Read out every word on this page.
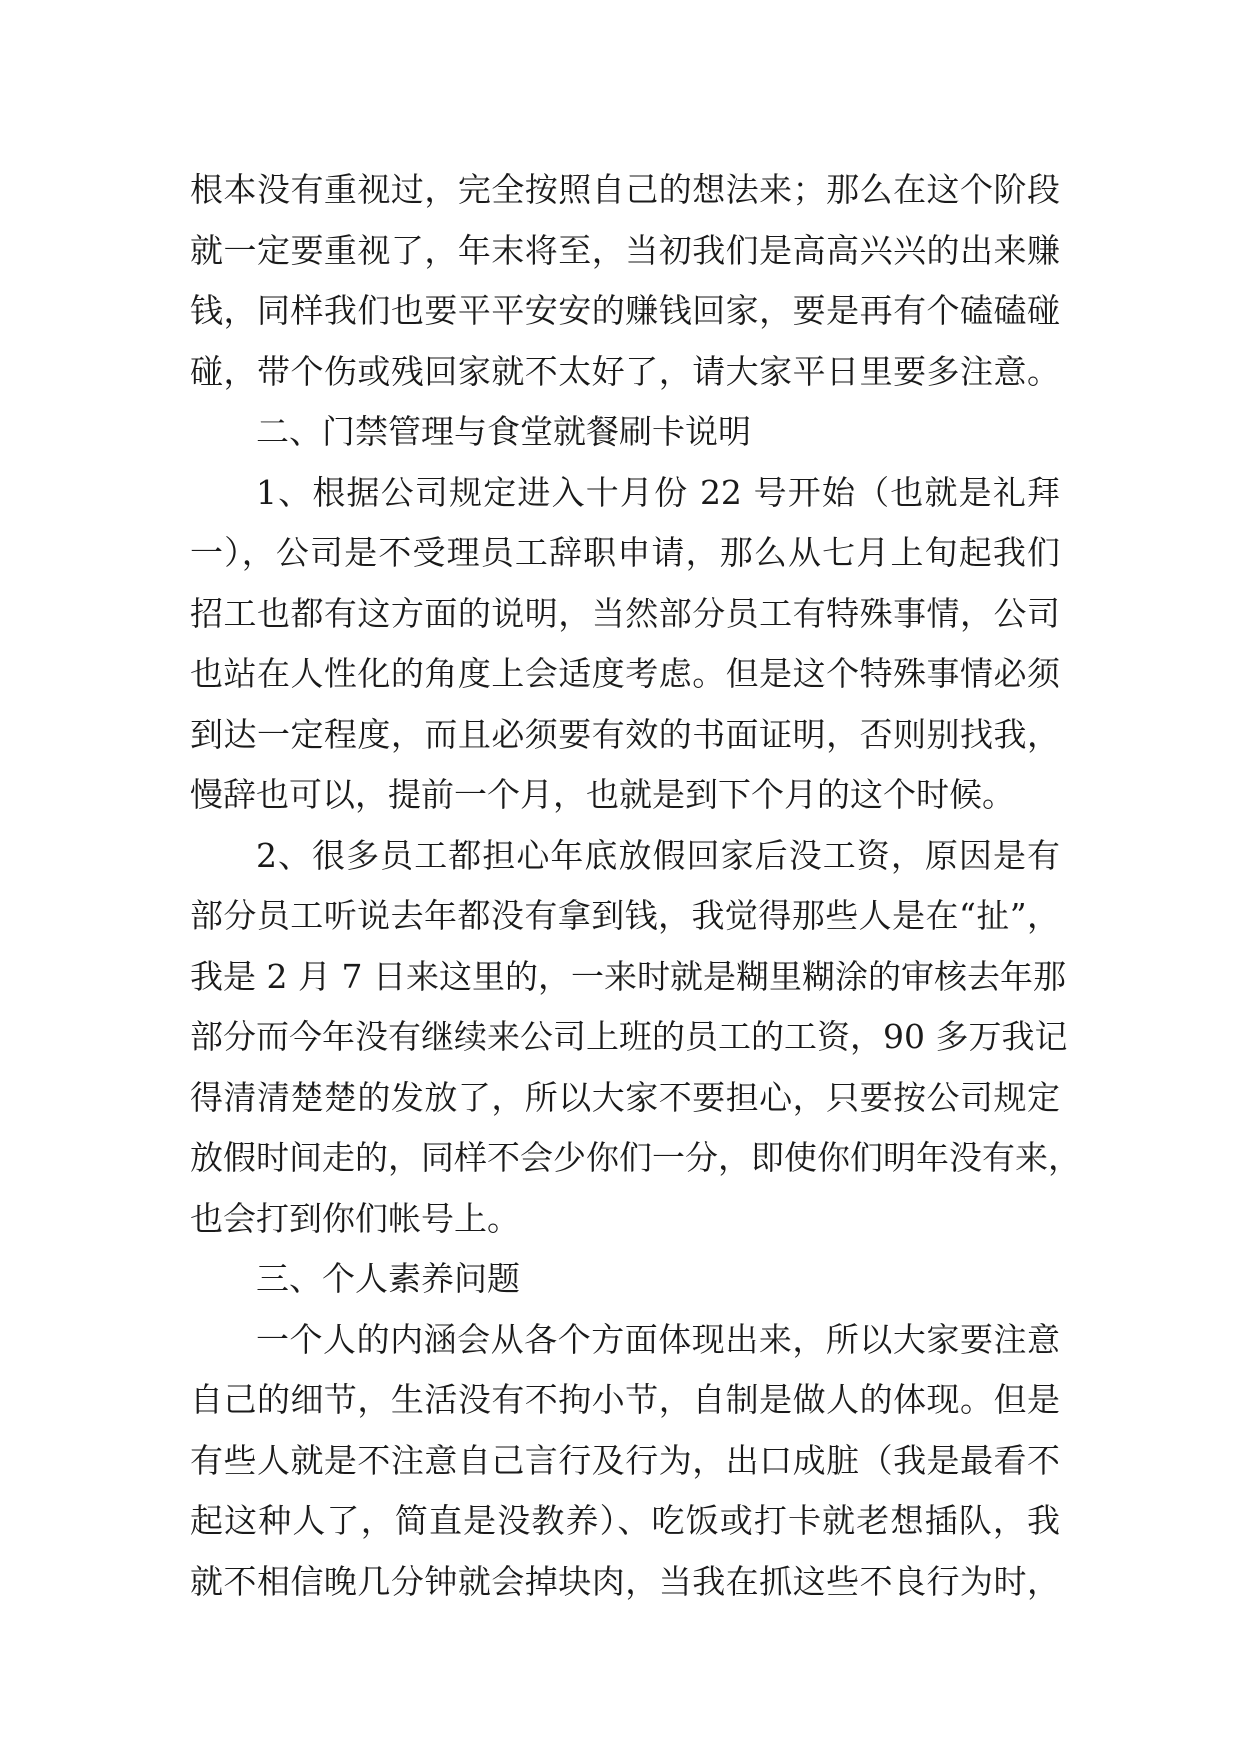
根本没有重视过，完全按照自己的想法来；那么在这个阶段
就一定要重视了，年末将至，当初我们是高高兴兴的出来赚
钱，同样我们也要平平安安的赚钱回家，要是再有个磕磕碰
碰，带个伤或残回家就不太好了，请大家平日里要多注意。
二、门禁管理与食堂就餐刷卡说明
1、根据公司规定进入十月份 22 号开始（也就是礼拜
一），公司是不受理员工辞职申请，那么从七月上旬起我们
招工也都有这方面的说明，当然部分员工有特殊事情，公司
也站在人性化的角度上会适度考虑。但是这个特殊事情必须
到达一定程度，而且必须要有效的书面证明，否则别找我，
慢辞也可以，提前一个月，也就是到下个月的这个时候。
2、很多员工都担心年底放假回家后没工资，原因是有
部分员工听说去年都没有拿到钱，我觉得那些人是在“扯”，
我是 2 月 7 日来这里的，一来时就是糊里糊涂的审核去年那
部分而今年没有继续来公司上班的员工的工资，90 多万我记
得清清楚楚的发放了，所以大家不要担心，只要按公司规定
放假时间走的，同样不会少你们一分，即使你们明年没有来，
也会打到你们帐号上。
三、个人素养问题
一个人的内涵会从各个方面体现出来，所以大家要注意
自己的细节，生活没有不拘小节，自制是做人的体现。但是
有些人就是不注意自己言行及行为，出口成脏（我是最看不
起这种人了，简直是没教养）、吃饭或打卡就老想插队，我
就不相信晚几分钟就会掉块肉，当我在抓这些不良行为时，
